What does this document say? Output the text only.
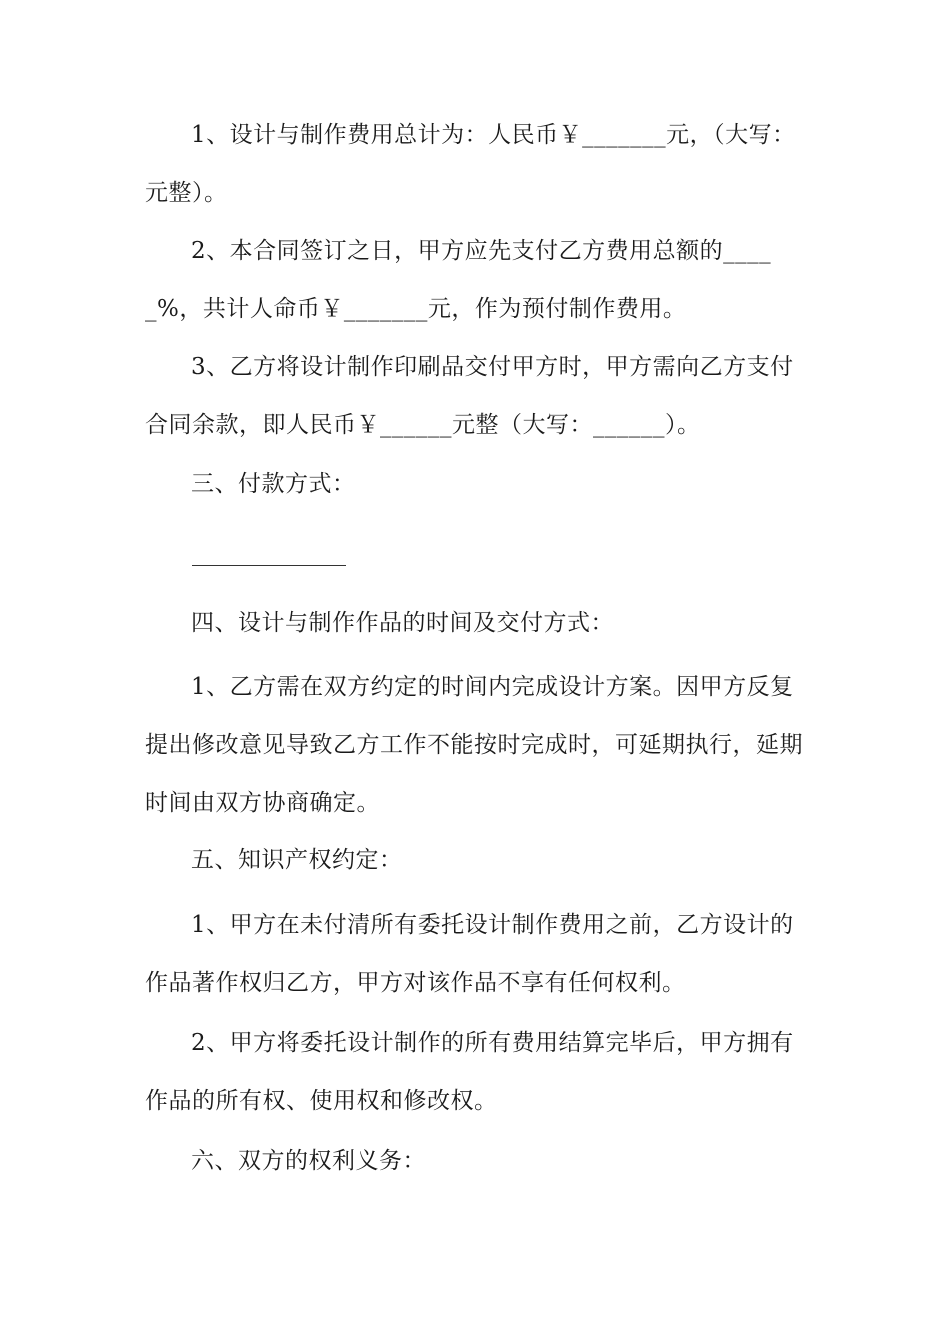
1、设计与制作费用总计为：人民币￥_______元，（大写：元整）。

2、本合同签订之日，甲方应先支付乙方费用总额的_____%，共计人命币￥_______元，作为预付制作费用。

3、乙方将设计制作印刷品交付甲方时，甲方需向乙方支付合同余款，即人民币￥______元整（大写：______）。

三、付款方式：

四、设计与制作作品的时间及交付方式：

1、乙方需在双方约定的时间内完成设计方案。因甲方反复提出修改意见导致乙方工作不能按时完成时，可延期执行，延期时间由双方协商确定。

五、知识产权约定：

1、甲方在未付清所有委托设计制作费用之前，乙方设计的作品著作权归乙方，甲方对该作品不享有任何权利。

2、甲方将委托设计制作的所有费用结算完毕后，甲方拥有作品的所有权、使用权和修改权。

六、双方的权利义务：
